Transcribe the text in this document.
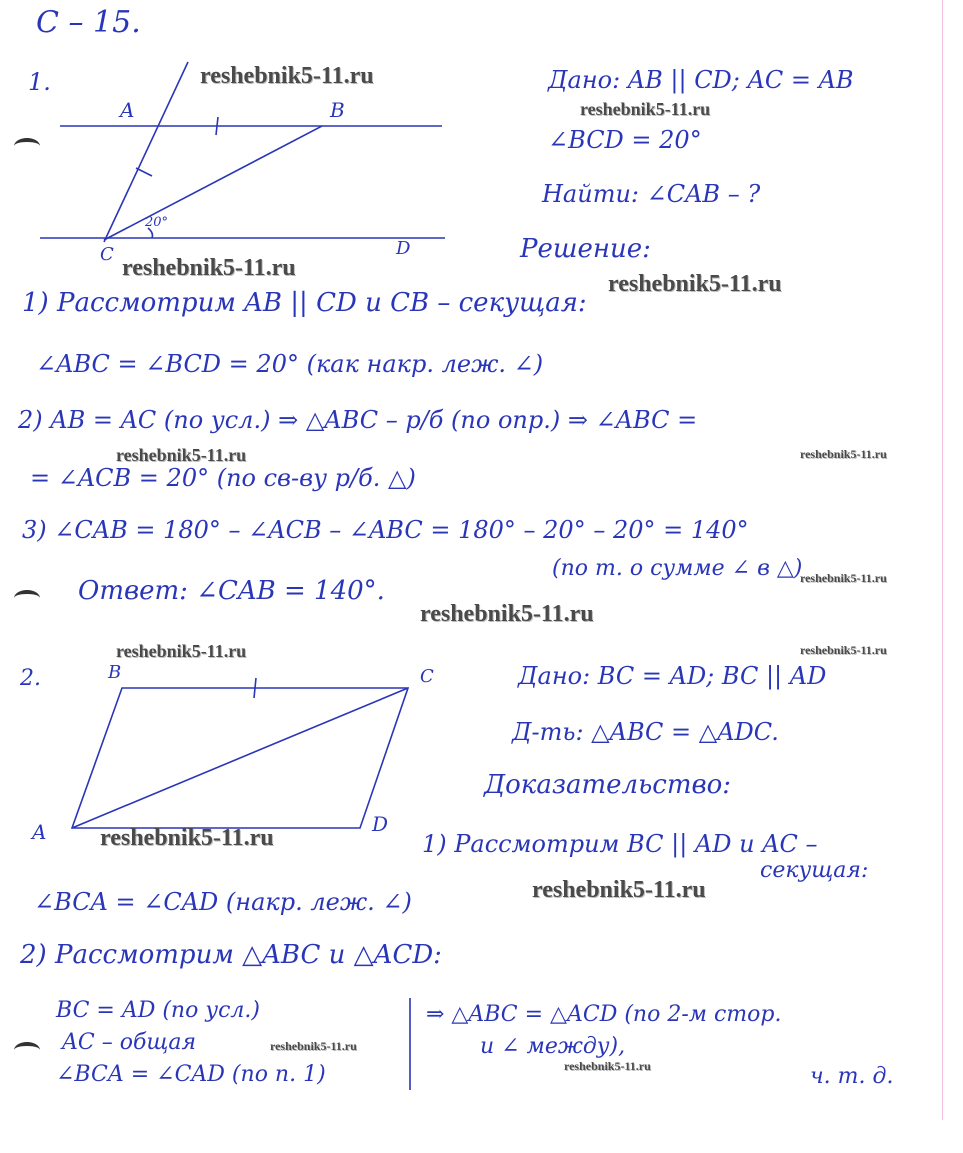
С – 15.
1.
A	B
C	D
20°
Дано: AB || CD; AC = AB
∠BCD = 20°
Найти: ∠CAB – ?
Решение:
1) Рассмотрим AB || CD и CB – секущая:
∠ABC = ∠BCD = 20° (как накр. леж. ∠)
2) AB = AC (по усл.) ⇒ △ABC – р/б (по опр.) ⇒ ∠ABC =
= ∠ACB = 20° (по св-ву р/б. △)
3) ∠CAB = 180° – ∠ACB – ∠ABC = 180° – 20° – 20° = 140°
(по т. о сумме ∠ в △)
Ответ: ∠CAB = 140°.
2.	B	C
A	D
Дано: BC = AD; BC || AD
Д-ть: △ABC = △ADC.
Доказательство:
1) Рассмотрим BC || AD и AC –
секущая:
∠BCA = ∠CAD (накр. леж. ∠)
2) Рассмотрим △ABC и △ACD:
BC = AD (по усл.)
AC – общая
∠BCA = ∠CAD (по п. 1)
⇒ △ABC = △ACD (по 2-м стор.
и ∠ между),
ч. т. д.
reshebnik5-11.ru
reshebnik5-11.ru
reshebnik5-11.ru
reshebnik5-11.ru
reshebnik5-11.ru	reshebnik5-11.ru
reshebnik5-11.ru
reshebnik5-11.ru
reshebnik5-11.ru	reshebnik5-11.ru
reshebnik5-11.ru
reshebnik5-11.ru
reshebnik5-11.ru
reshebnik5-11.ru
